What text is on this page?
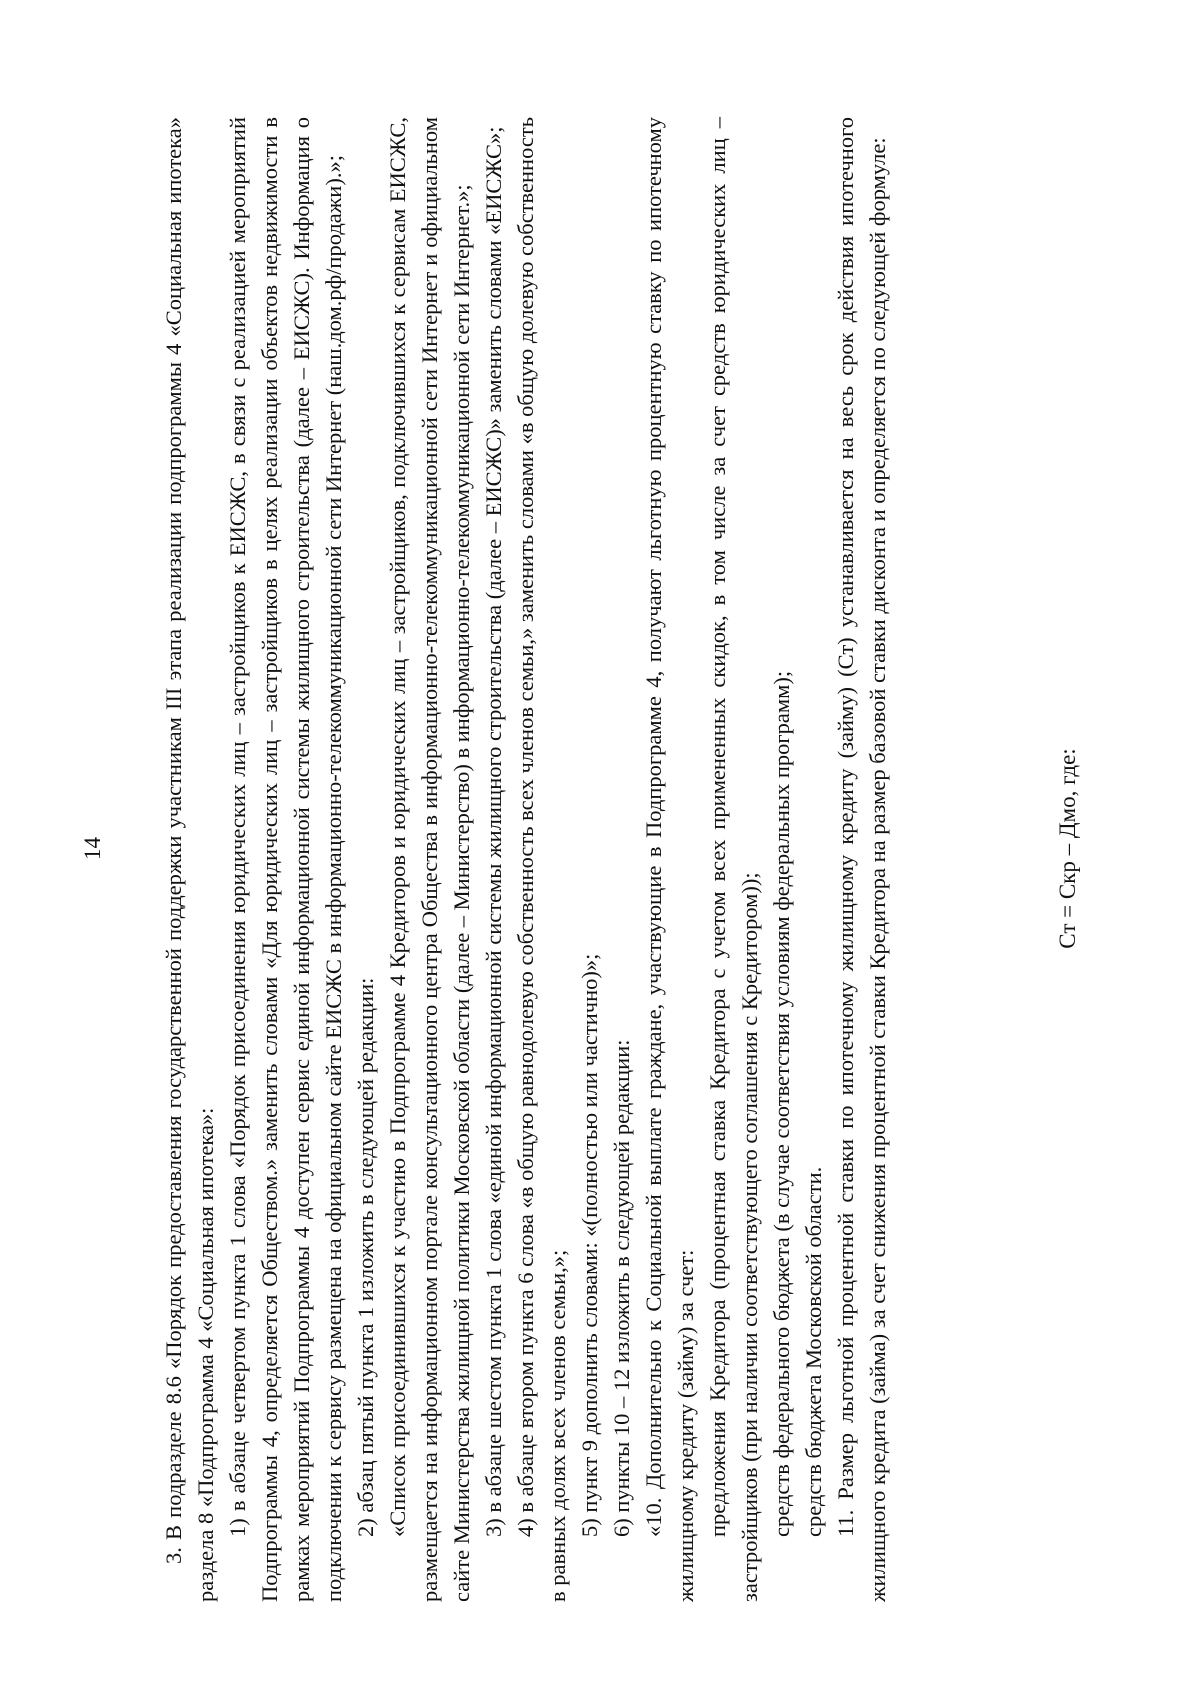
14 3. В подразделе 8.6 «Порядок предоставления государственной поддержки участникам III этапа реализации подпрограммы 4 «Социальная ипотека» раздела 8 «Подпрограмма 4 «Социальная ипотека»: 1) в абзаце четвертом пункта 1 слова «Порядок присоединения юридических лиц – застройщиков к ЕИСЖС, в связи с реализацией мероприятий Подпрограммы 4, определяется Обществом.» заменить словами «Для юридических лиц – застройщиков в целях реализации объектов недвижимости в рамках мероприятий Подпрограммы 4 доступен сервис единой информационной системы жилищного строительства (далее – ЕИСЖС). Информация о подключении к сервису размещена на официальном сайте ЕИСЖС в информационно-телекоммуникационной сети Интернет (наш.дом.рф/продажи).»; 2) абзац пятый пункта 1 изложить в следующей редакции: «Список присоединившихся к участию в Подпрограмме 4 Кредиторов и юридических лиц – застройщиков, подключившихся к сервисам ЕИСЖС, размещается на информационном портале консультационного центра Общества в информационно-телекоммуникационной сети Интернет и официальном сайте Министерства жилищной политики Московской области (далее – Министерство) в информационно-телекоммуникационной сети Интернет.»; 3) в абзаце шестом пункта 1 слова «единой информационной системы жилищного строительства (далее – ЕИСЖС)» заменить словами «ЕИСЖС»; 4) в абзаце втором пункта 6 слова «в общую равнодолевую собственность всех членов семьи,» заменить словами «в общую долевую собственность в равных долях всех членов семьи,»; 5) пункт 9 дополнить словами: «(полностью или частично)»; 6) пункты 10 – 12 изложить в следующей редакции: «10. Дополнительно к Социальной выплате граждане, участвующие в Подпрограмме 4, получают льготную процентную ставку по ипотечному жилищному кредиту (займу) за счет: предложения Кредитора (процентная ставка Кредитора с учетом всех примененных скидок, в том числе за счет средств юридических лиц – застройщиков (при наличии соответствующего соглашения с Кредитором)); средств федерального бюджета (в случае соответствия условиям федеральных программ); средств бюджета Московской области. 11. Размер льготной процентной ставки по ипотечному жилищному кредиту (займу) (Ст) устанавливается на весь срок действия ипотечного жилищного кредита (займа) за счет снижения процентной ставки Кредитора на размер базовой ставки дисконта и определяется по следующей формуле:	Ст = Скр – Дмо, где:
